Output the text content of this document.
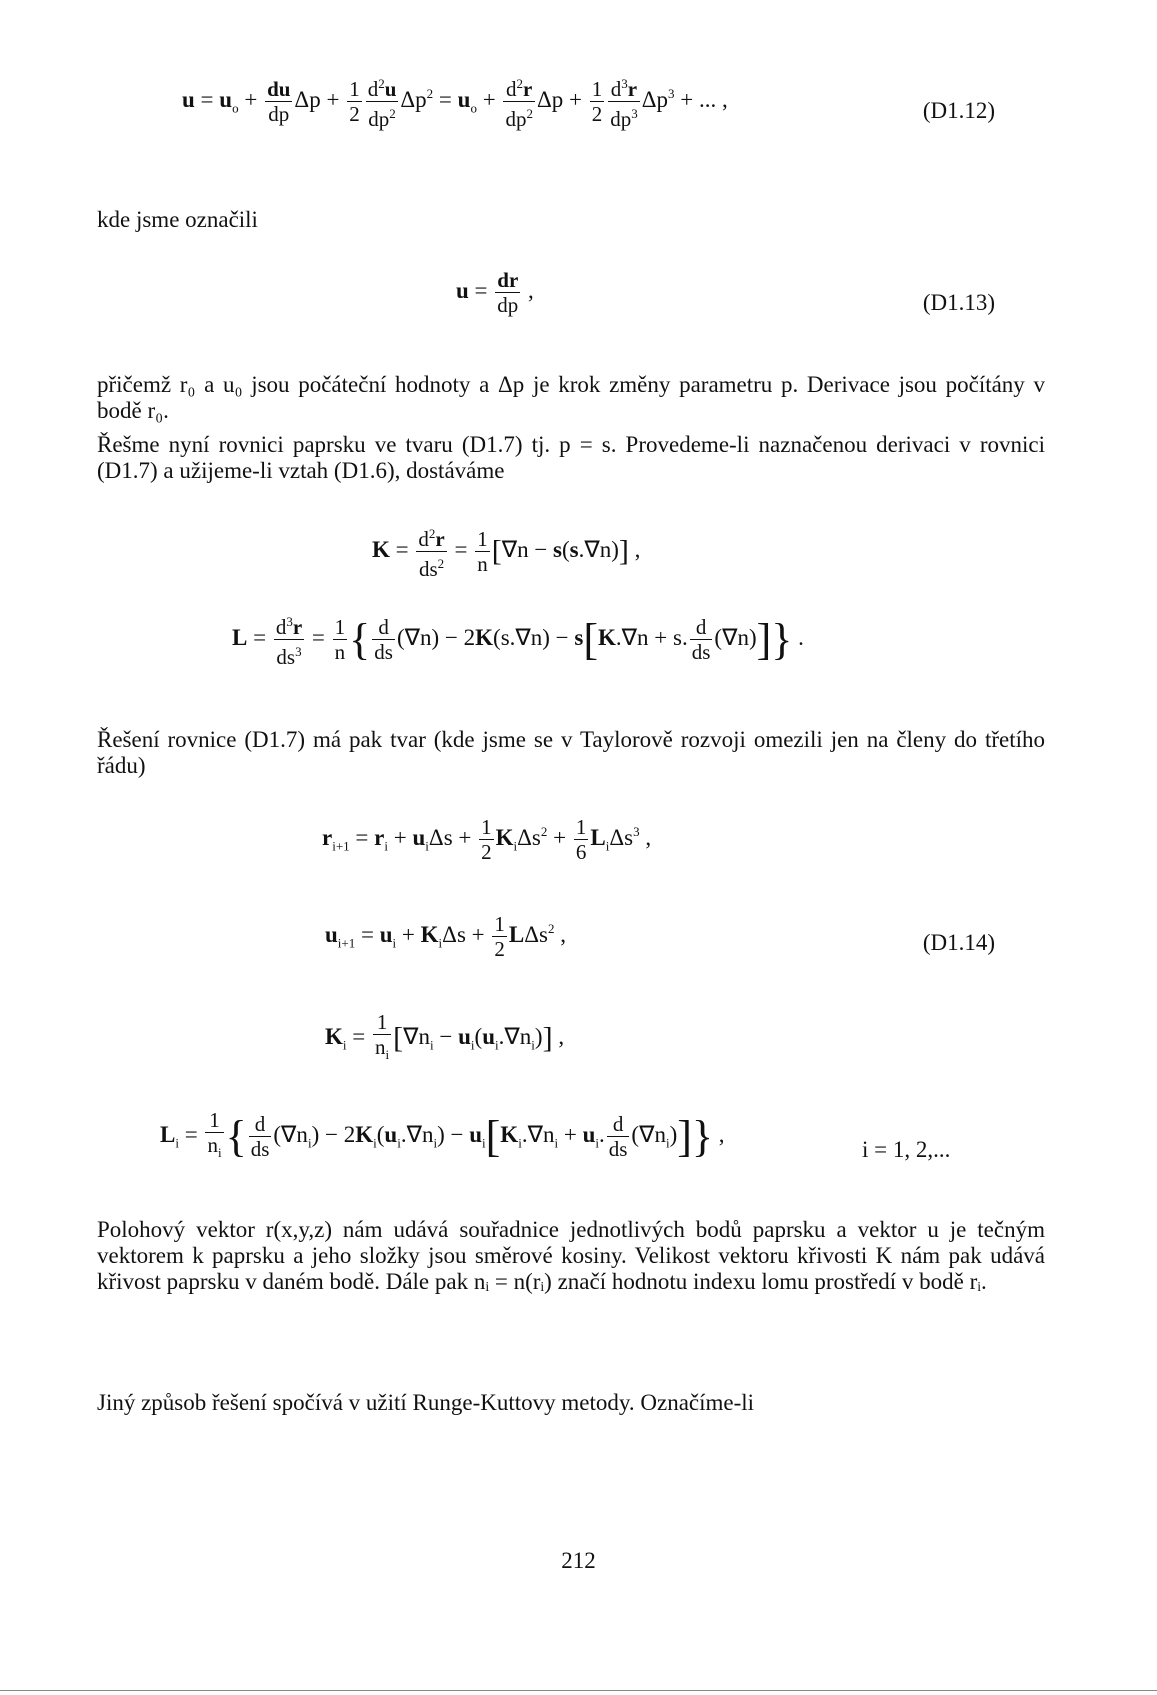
$u = u_o + \frac{du}{dp}$ $\Delta p + \frac{1}{2} \frac{d^2u}{dp^2} \Delta p^2 = u_o + \frac{d^2r}{dp^2}$ $\Delta p + \frac{1}{2} \frac{d^3r}{dp^3} \Delta p^3$ + ... ,	(D1.12)
kde jsme označili
$u = \frac{dr}{dp}$ ,	(D1.13)
přičemž r₀ a u₀ jsou počáteční hodnoty a Δp je krok změny parametru p. Derivace jsou počítány v bodě r₀.
Řešme nyní rovnici paprsku ve tvaru (D1.7) tj. p = s. Provedeme-li naznačenou derivaci v rovnici (D1.7) a užijeme-li vztah (D1.6), dostáváme
$K = \frac{d^2r}{ds^2} = \frac{1}{n} [\nabla n - s(s.\nabla n)]$ ,
$L = \frac{d^3r}{ds^3} = \frac{1}{n}$ { $\frac{d}{ds} (\nabla n) - 2K(s.\nabla n) - s[K.\nabla n + s$. $\frac{d}{ds} (\nabla n)$]} .
Řešení rovnice (D1.7) má pak tvar (kde jsme se v Taylorově rozvoji omezili jen na členy do třetího řádu)
$r_{i+1} = r_i + u_i\Delta s + \frac{1}{2} K_i\Delta s^2 + \frac{1}{6} L_i\Delta s^3$ ,
$u_{i+1} = u_i + K_i\Delta s + \frac{1}{2} L\Delta s^2$ ,	(D1.14)
$K_i = \frac{1}{n_i} [\nabla n_i - u_i(u_i.\nabla n_i)]$ ,
$L_i = \frac{1}{n_i}$ { $\frac{d}{ds} (\nabla n_i) - 2K_i(u_i.\nabla n_i) - u_i[K_i.\nabla n_i + u_i$. $\frac{d}{ds} (\nabla n_i)$]} ,
i = 1, 2,...
Polohový vektor r(x,y,z) nám udává souřadnice jednotlivých bodů paprsku a vektor u je tečným vektorem k paprsku a jeho složky jsou směrové kosiny. Velikost vektoru křivosti K nám pak udává křivost paprsku v daném bodě. Dále pak nᵢ = n(rᵢ) značí hodnotu indexu lomu prostředí v bodě rᵢ.
Jiný způsob řešení spočívá v užití Runge-Kuttovy metody. Označíme-li
212
